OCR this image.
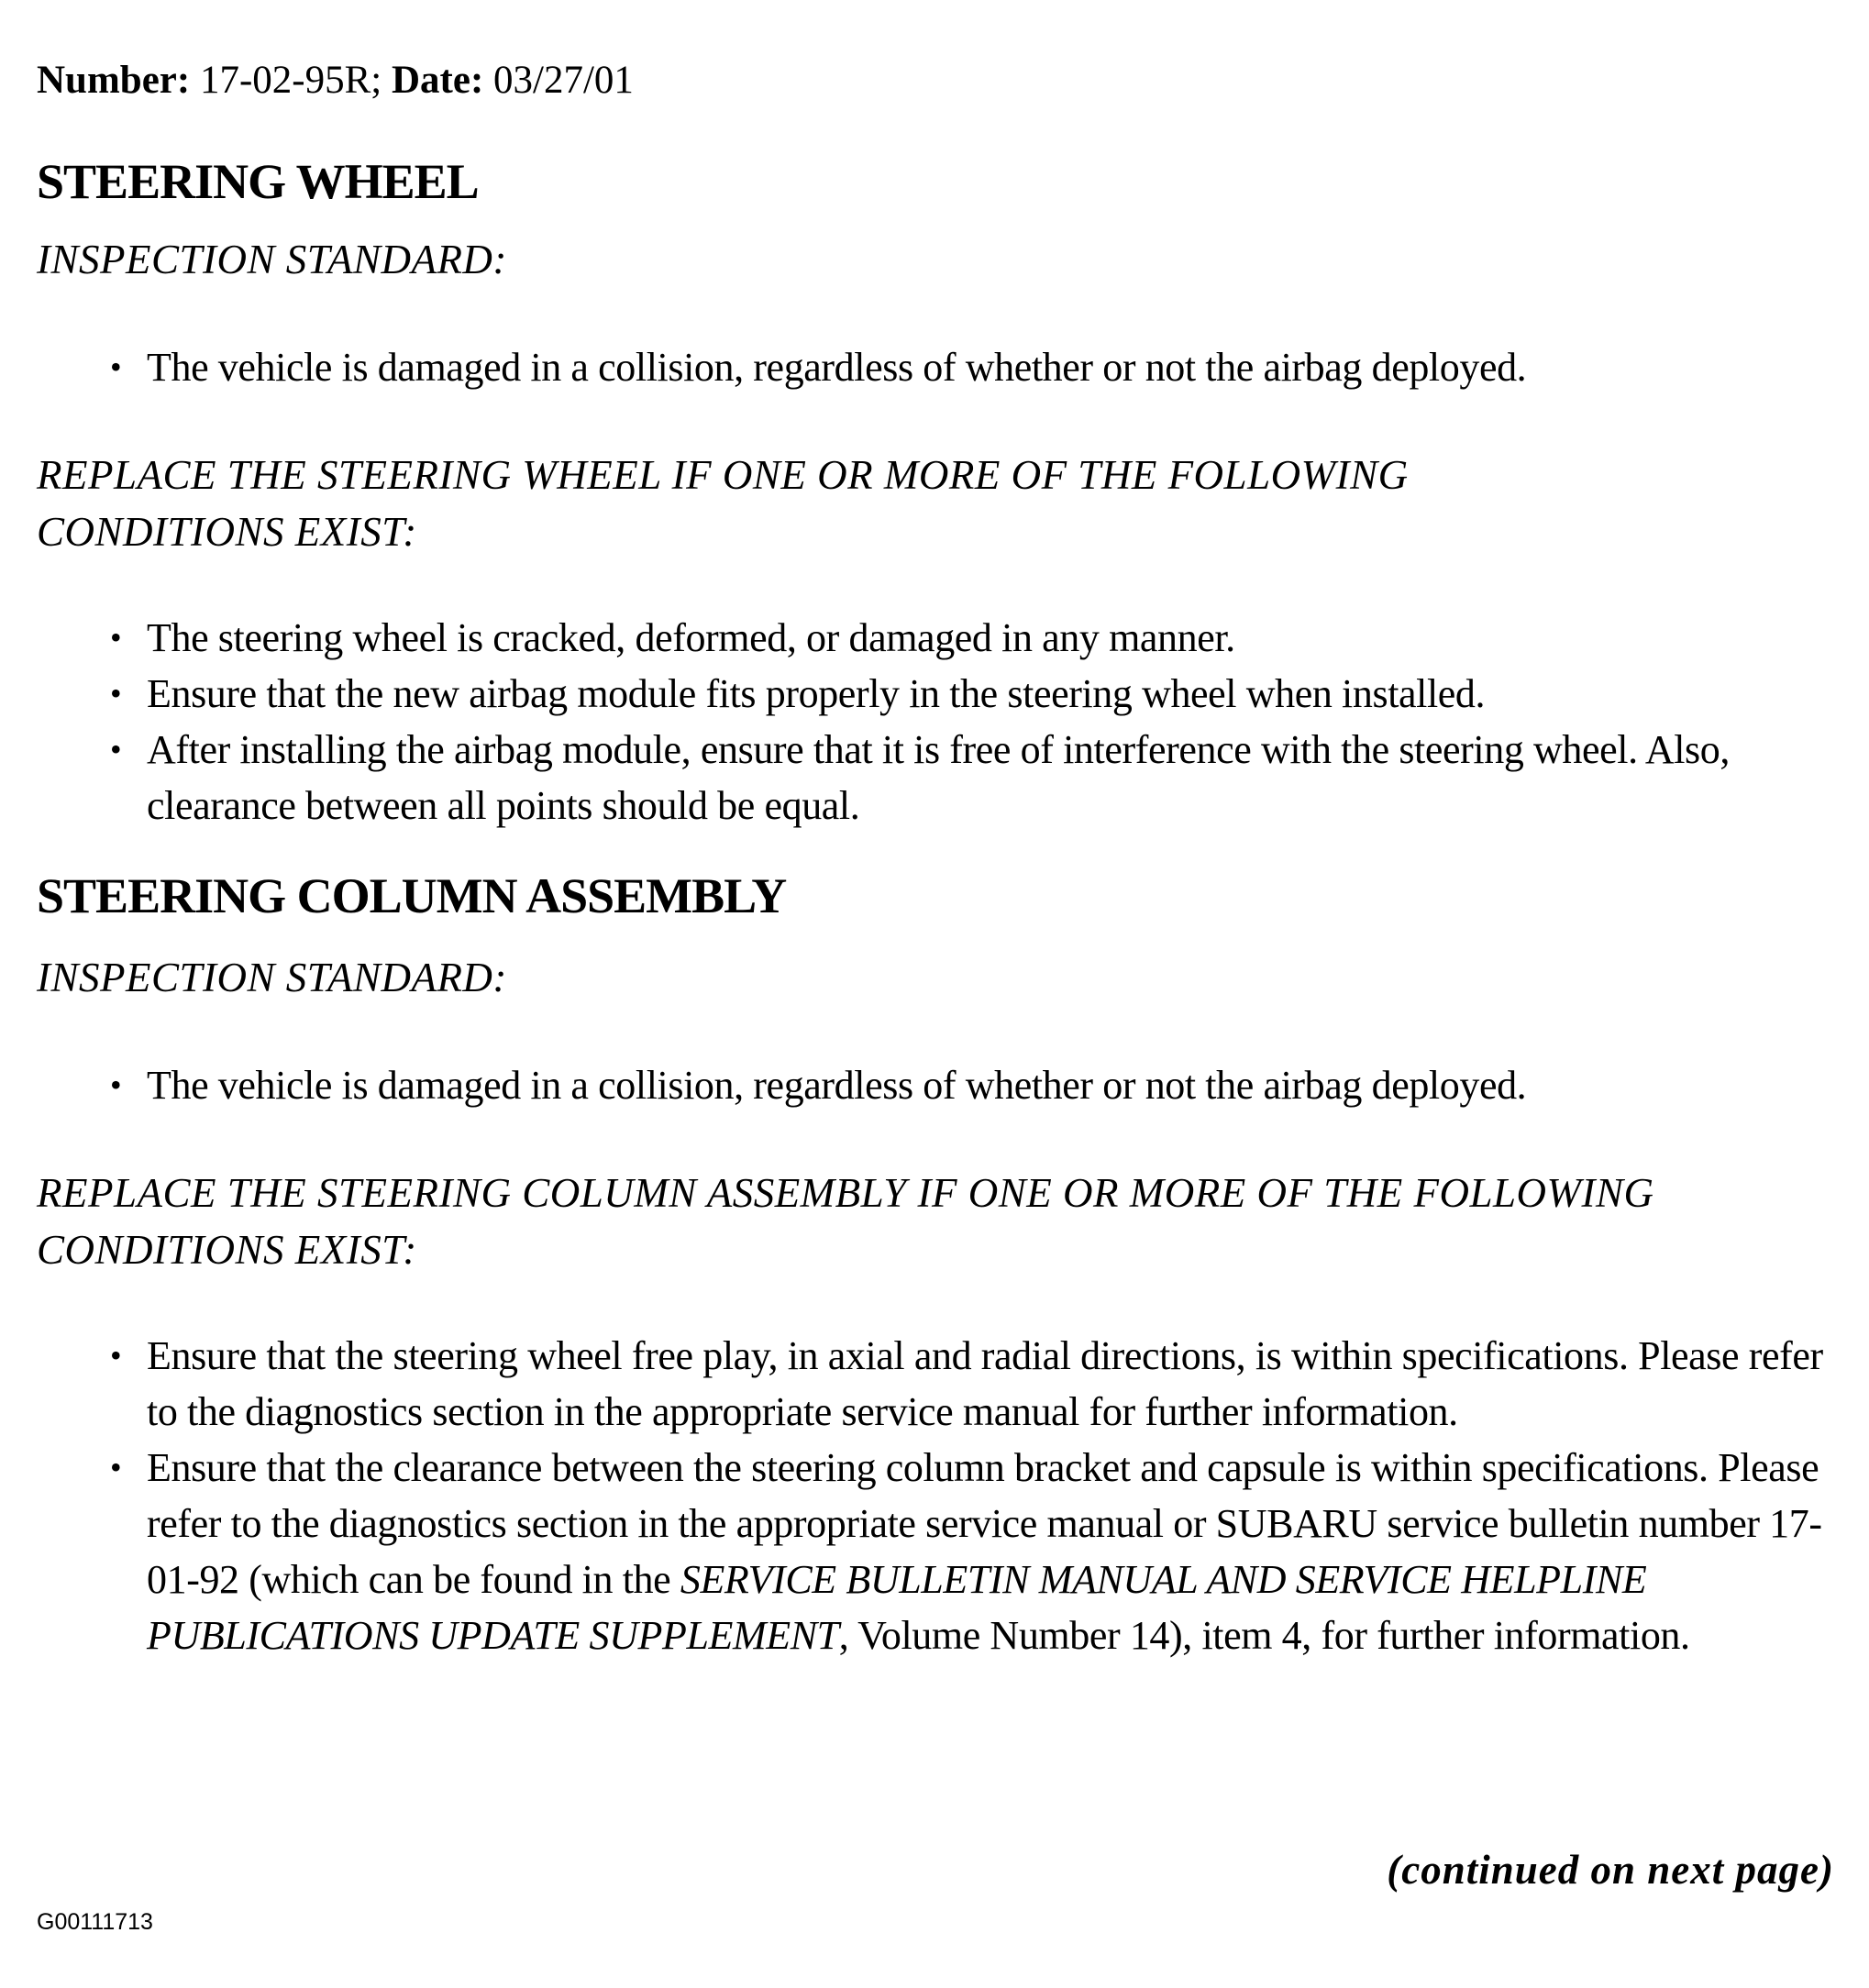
Number: 17-02-95R; Date: 03/27/01

STEERING WHEEL

INSPECTION STANDARD:

• The vehicle is damaged in a collision, regardless of whether or not the airbag deployed.

REPLACE THE STEERING WHEEL IF ONE OR MORE OF THE FOLLOWING
CONDITIONS EXIST:

• The steering wheel is cracked, deformed, or damaged in any manner.
• Ensure that the new airbag module fits properly in the steering wheel when installed.
• After installing the airbag module, ensure that it is free of interference with the steering wheel. Also, clearance between all points should be equal.
STEERING COLUMN ASSEMBLY

INSPECTION STANDARD:

• The vehicle is damaged in a collision, regardless of whether or not the airbag deployed.

REPLACE THE STEERING COLUMN ASSEMBLY IF ONE OR MORE OF THE FOLLOWING
CONDITIONS EXIST:

• Ensure that the steering wheel free play, in axial and radial directions, is within specifications. Please refer to the diagnostics section in the appropriate service manual for further information.
• Ensure that the clearance between the steering column bracket and capsule is within specifications. Please refer to the diagnostics section in the appropriate service manual or SUBARU service bulletin number 17-01-92 (which can be found in the SERVICE BULLETIN MANUAL AND SERVICE HELPLINE PUBLICATIONS UPDATE SUPPLEMENT, Volume Number 14), item 4, for further information.

(continued on next page)

G00111713
